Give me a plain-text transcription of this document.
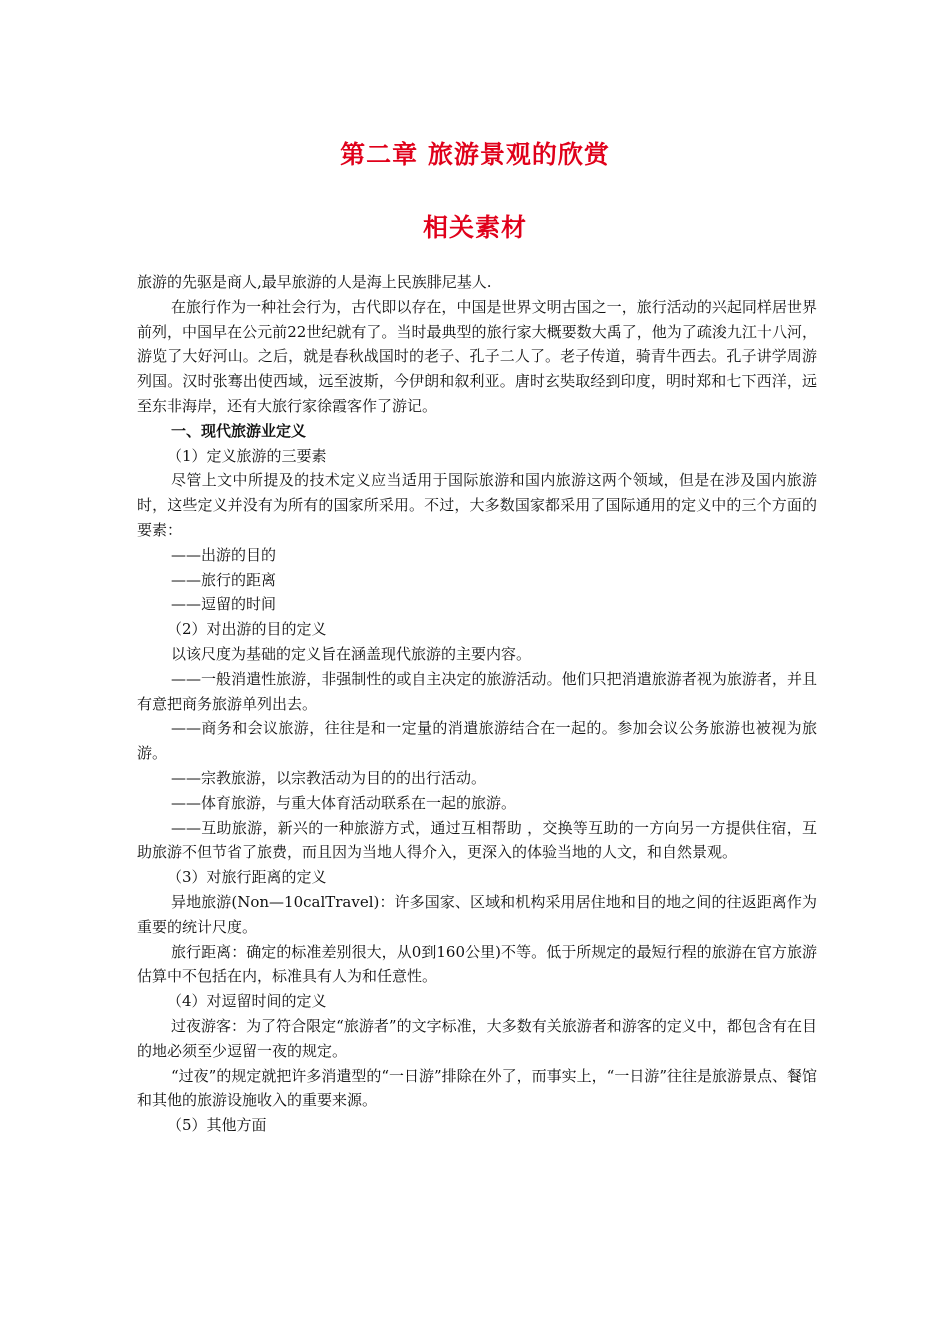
第二章 旅游景观的欣赏
相关素材

旅游的先驱是商人,最早旅游的人是海上民族腓尼基人.

在旅行作为一种社会行为，古代即以存在，中国是世界文明古国之一，旅行活动的兴起同样居世界前列，中国早在公元前22世纪就有了。当时最典型的旅行家大概要数大禹了，他为了疏浚九江十八河，游览了大好河山。之后，就是春秋战国时的老子、孔子二人了。老子传道，骑青牛西去。孔子讲学周游列国。汉时张骞出使西域，远至波斯，今伊朗和叙利亚。唐时玄奘取经到印度，明时郑和七下西洋，远至东非海岸，还有大旅行家徐霞客作了游记。

一、现代旅游业定义

（1）定义旅游的三要素

尽管上文中所提及的技术定义应当适用于国际旅游和国内旅游这两个领域，但是在涉及国内旅游时，这些定义并没有为所有的国家所采用。不过，大多数国家都采用了国际通用的定义中的三个方面的要素：

——出游的目的

——旅行的距离

——逗留的时间

（2）对出游的目的定义

以该尺度为基础的定义旨在涵盖现代旅游的主要内容。

——一般消遣性旅游，非强制性的或自主决定的旅游活动。他们只把消遣旅游者视为旅游者，并且有意把商务旅游单列出去。

——商务和会议旅游，往往是和一定量的消遣旅游结合在一起的。参加会议公务旅游也被视为旅游。

——宗教旅游，以宗教活动为目的的出行活动。

——体育旅游，与重大体育活动联系在一起的旅游。

——互助旅游，新兴的一种旅游方式，通过互相帮助 ，交换等互助的一方向另一方提供住宿，互助旅游不但节省了旅费，而且因为当地人得介入，更深入的体验当地的人文，和自然景观。

（3）对旅行距离的定义

异地旅游(Non—10calTravel)：许多国家、区域和机构采用居住地和目的地之间的往返距离作为重要的统计尺度。

旅行距离：确定的标准差别很大，从0到160公里)不等。低于所规定的最短行程的旅游在官方旅游估算中不包括在内，标准具有人为和任意性。

（4）对逗留时间的定义

过夜游客：为了符合限定“旅游者”的文字标准，大多数有关旅游者和游客的定义中，都包含有在目的地必须至少逗留一夜的规定。

“过夜”的规定就把许多消遣型的“一日游”排除在外了，而事实上，“一日游”往往是旅游景点、餐馆和其他的旅游设施收入的重要来源。

（5）其他方面
